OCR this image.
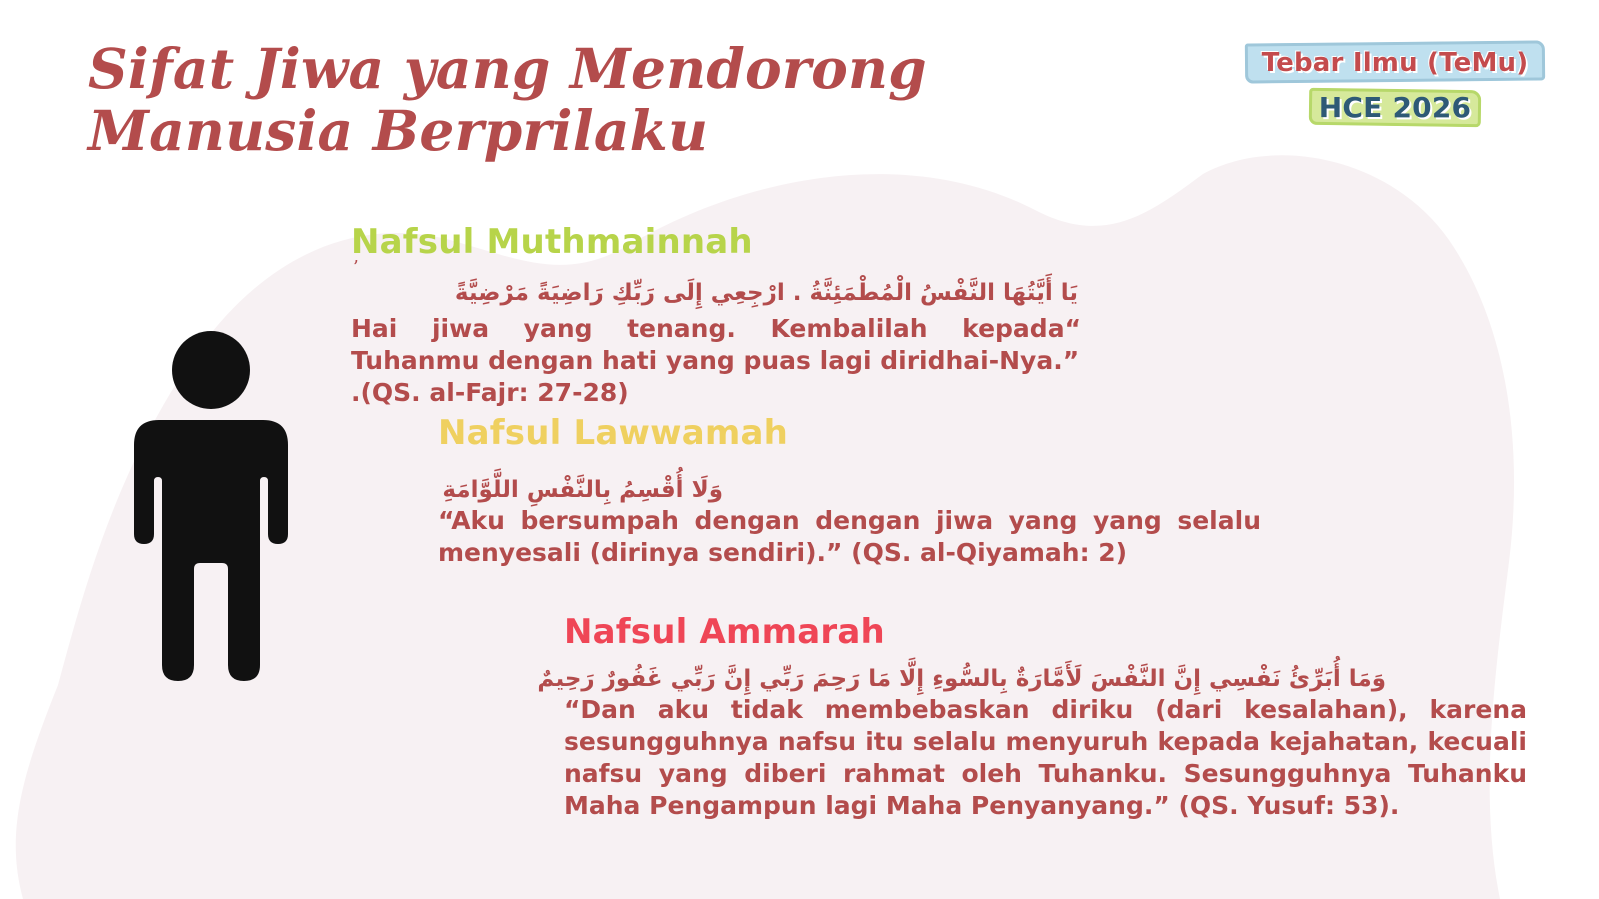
Sifat Jiwa yang Mendorong Manusia Berprilaku
Tebar Ilmu (TeMu)
HCE 2026
Nafsul Muthmainnah
’
يَا أَيَّتُهَا النَّفْسُ الْمُطْمَئِنَّةُ . ارْجِعِي إِلَى رَبِّكِ رَاضِيَةً مَرْضِيَّةً
Hai jiwa yang tenang. Kembalilah kepada“
Tuhanmu dengan hati yang puas lagi diridhai-Nya.”
.(QS. al-Fajr: 27-28)
Nafsul Lawwamah
وَلَا أُقْسِمُ بِالنَّفْسِ اللَّوَّامَةِ
“Aku bersumpah dengan dengan jiwa yang yang selalu
menyesali (dirinya sendiri).” (QS. al-Qiyamah: 2)
Nafsul Ammarah
وَمَا أُبَرِّئُ نَفْسِي إِنَّ النَّفْسَ لَأَمَّارَةٌ بِالسُّوءِ إِلَّا مَا رَحِمَ رَبِّي إِنَّ رَبِّي غَفُورٌ رَحِيمٌ
“Dan aku tidak membebaskan diriku (dari kesalahan), karena
sesungguhnya nafsu itu selalu menyuruh kepada kejahatan, kecuali
nafsu yang diberi rahmat oleh Tuhanku. Sesungguhnya Tuhanku
Maha Pengampun lagi Maha Penyanyang.” (QS. Yusuf: 53).
